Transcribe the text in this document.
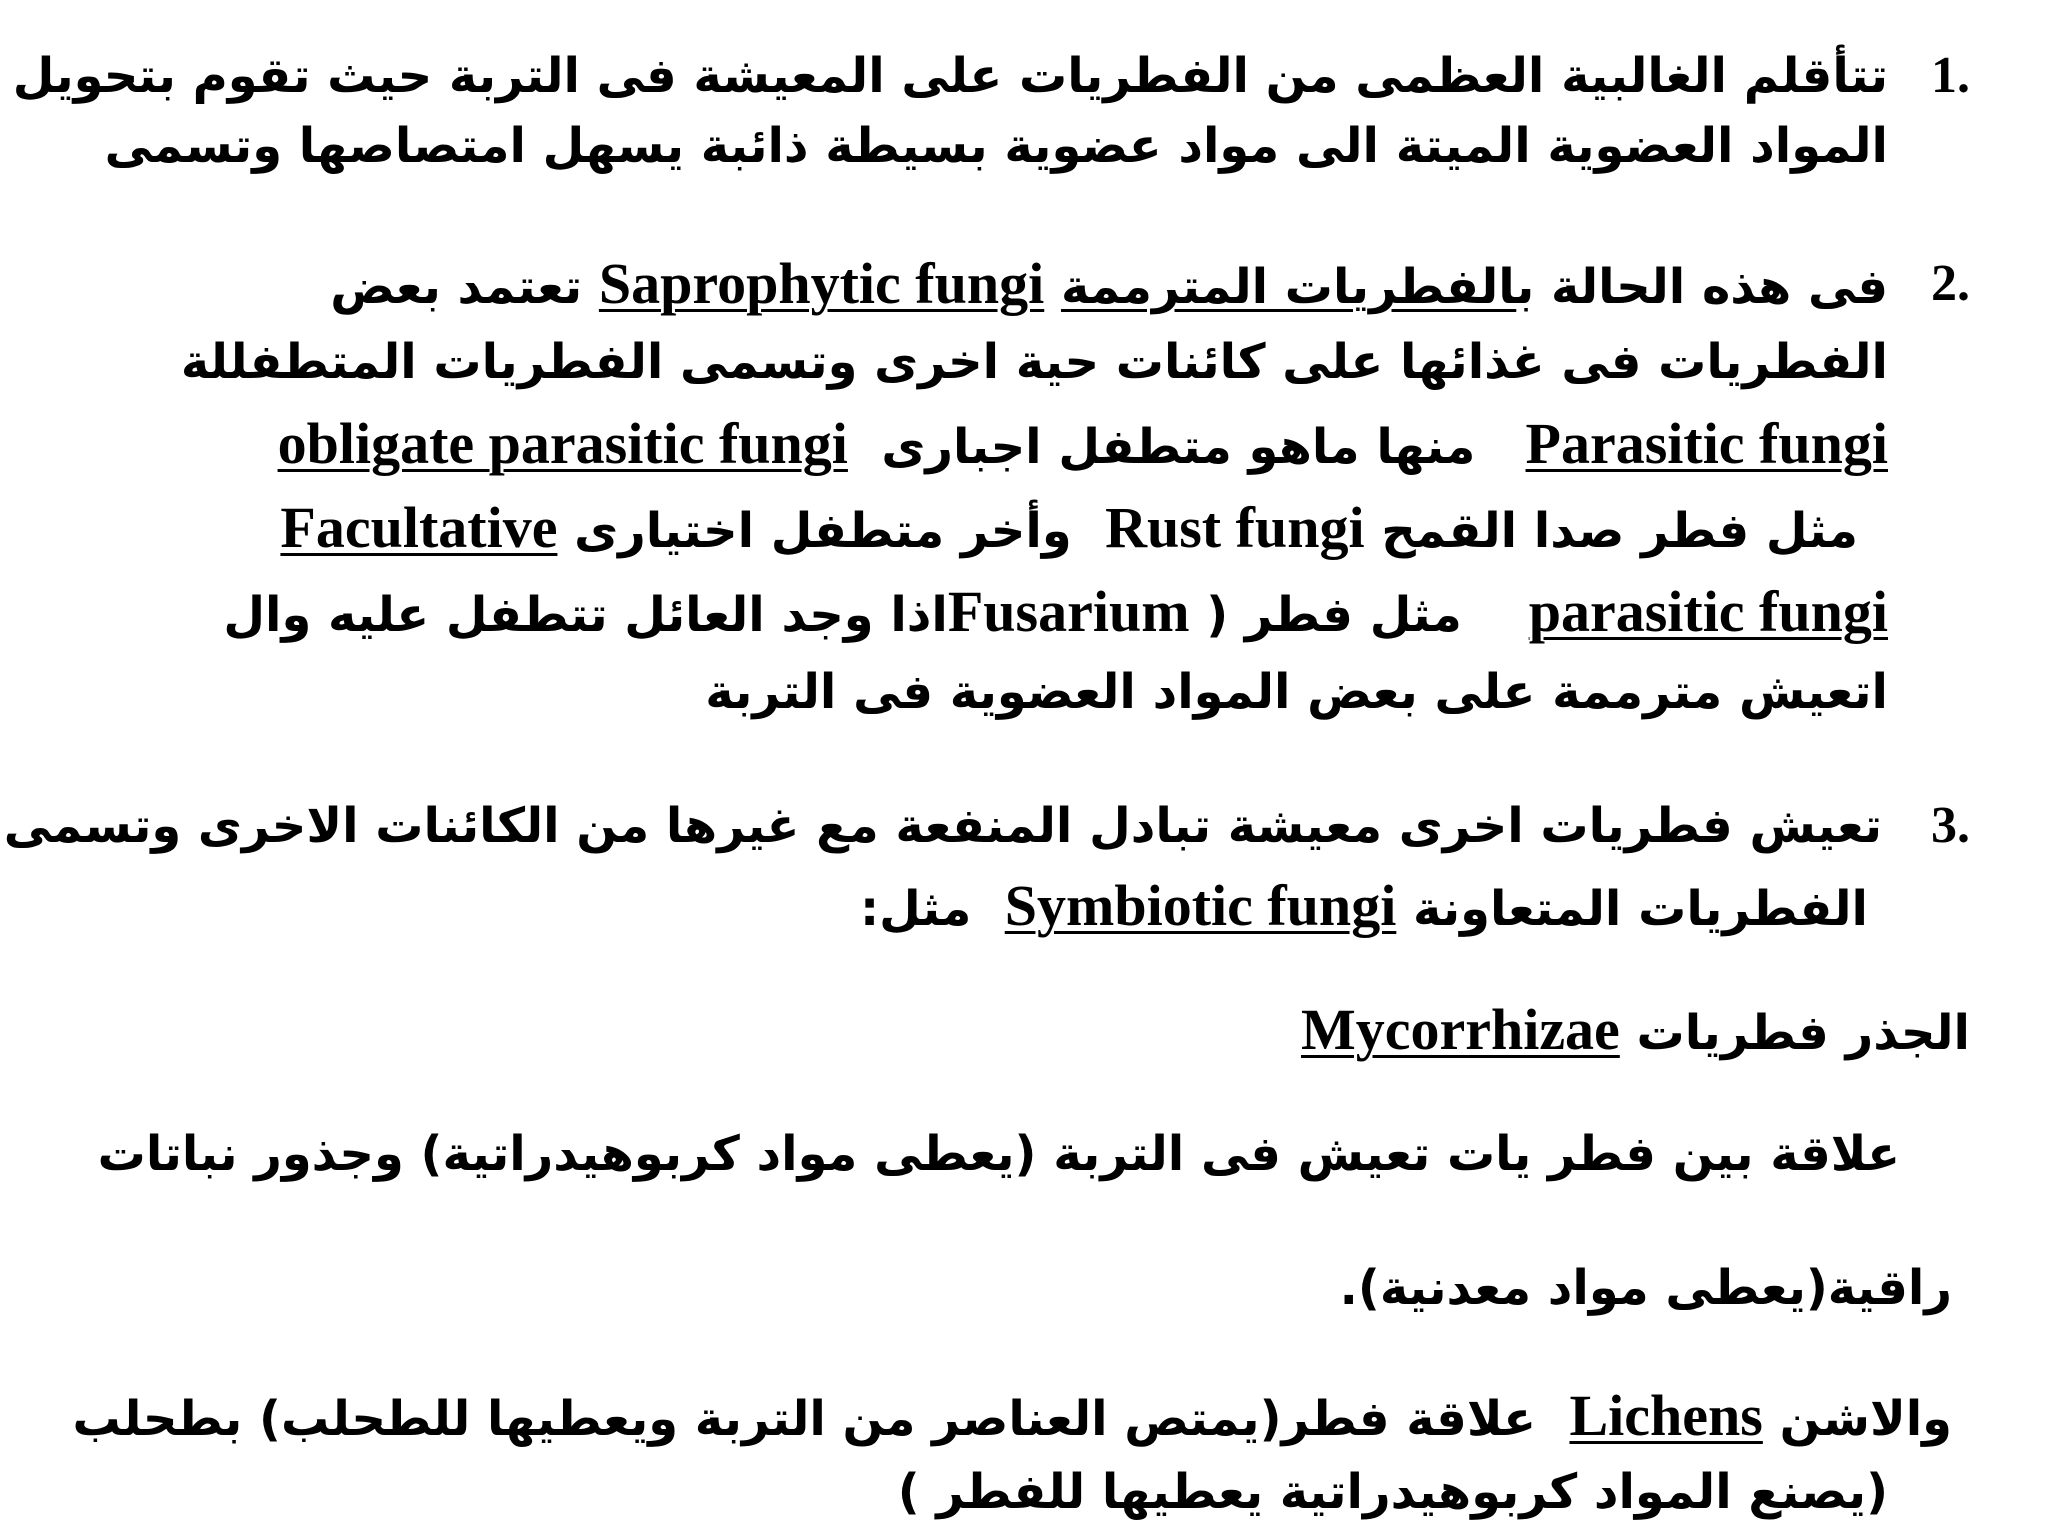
1.
تتأقلم الغالبية العظمى من الفطريات على المعيشة فى التربة حيث تقوم بتحويل
المواد العضوية الميتة الى مواد عضوية بسيطة ذائبة يسهل امتصاصها وتسمى
2.
فى هذه الحالة بالفطريات المترممة Saprophytic fungi تعتمد بعض
الفطريات فى غذائها على كائنات حية اخرى وتسمى الفطريات المتطفللة
Parasitic fungi   منها ماهو متطفل اجبارى  obligate parasitic fungi
مثل فطر صدا القمح Rust fungi  وأخر متطفل اختيارى Facultative
parasitic fungi    مثل فطر ( Fusariumاذا وجد العائل تتطفل عليه وال
اتعيش مترممة على بعض المواد العضوية فى التربة
3.
تعيش فطريات اخرى معيشة تبادل المنفعة مع غيرها من الكائنات الاخرى وتسمى
الفطريات المتعاونة Symbiotic fungi  مثل:
الجذر فطريات Mycorrhizae
علاقة بين فطر يات تعيش فى التربة (يعطى مواد كربوهيدراتية) وجذور نباتات
راقية(يعطى مواد معدنية).
والاشن Lichens  علاقة فطر(يمتص العناصر من التربة ويعطيها للطحلب) بطحلب
(يصنع المواد كربوهيدراتية يعطيها للفطر )
